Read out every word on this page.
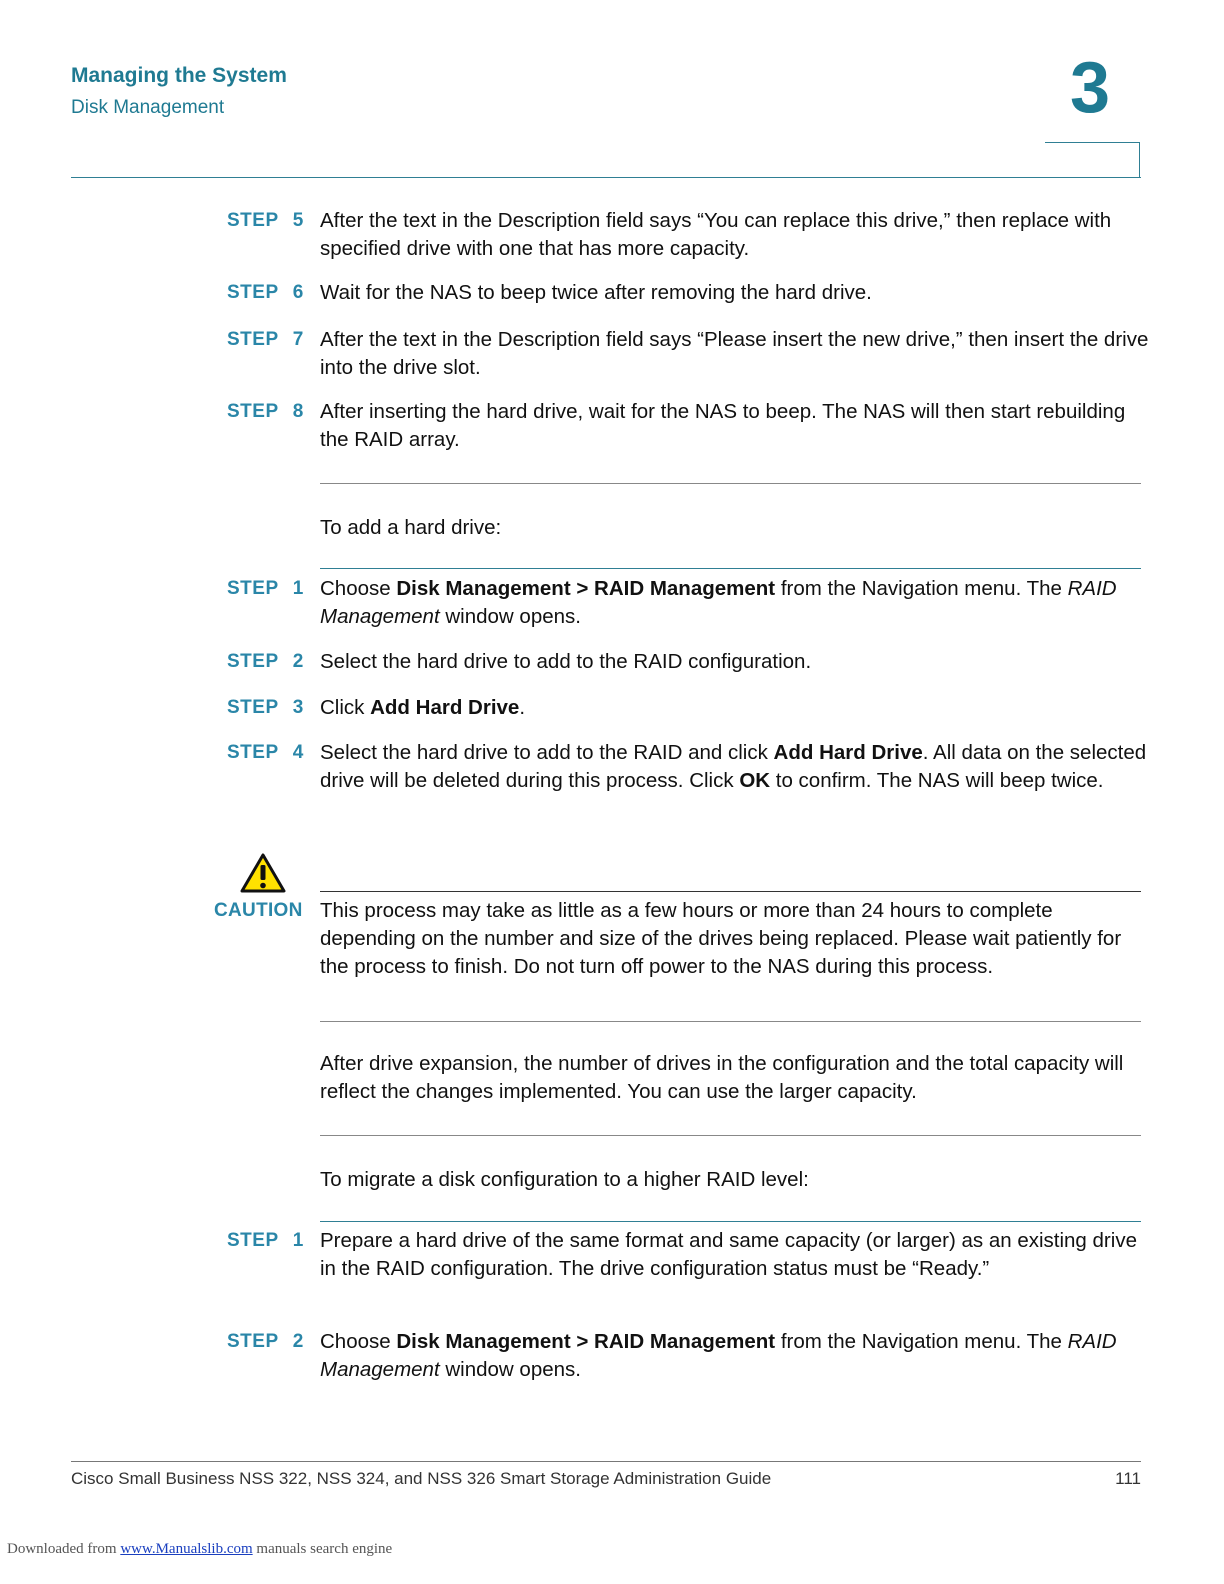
Managing the System
Disk Management	3
STEP 5 After the text in the Description field says “You can replace this drive,” then replace with specified drive with one that has more capacity.
STEP 6 Wait for the NAS to beep twice after removing the hard drive.
STEP 7 After the text in the Description field says “Please insert the new drive,” then insert the drive into the drive slot.
STEP 8 After inserting the hard drive, wait for the NAS to beep. The NAS will then start rebuilding the RAID array.
To add a hard drive:
STEP 1 Choose Disk Management > RAID Management from the Navigation menu. The RAID Management window opens.
STEP 2 Select the hard drive to add to the RAID configuration.
STEP 3 Click Add Hard Drive.
STEP 4 Select the hard drive to add to the RAID and click Add Hard Drive. All data on the selected drive will be deleted during this process. Click OK to confirm. The NAS will beep twice.
CAUTION This process may take as little as a few hours or more than 24 hours to complete depending on the number and size of the drives being replaced. Please wait patiently for the process to finish. Do not turn off power to the NAS during this process.
After drive expansion, the number of drives in the configuration and the total capacity will reflect the changes implemented. You can use the larger capacity.
To migrate a disk configuration to a higher RAID level:
STEP 1 Prepare a hard drive of the same format and same capacity (or larger) as an existing drive in the RAID configuration. The drive configuration status must be “Ready.”
STEP 2 Choose Disk Management > RAID Management from the Navigation menu. The RAID Management window opens.
Cisco Small Business NSS 322, NSS 324, and NSS 326 Smart Storage Administration Guide	111
Downloaded from www.Manualslib.com manuals search engine
